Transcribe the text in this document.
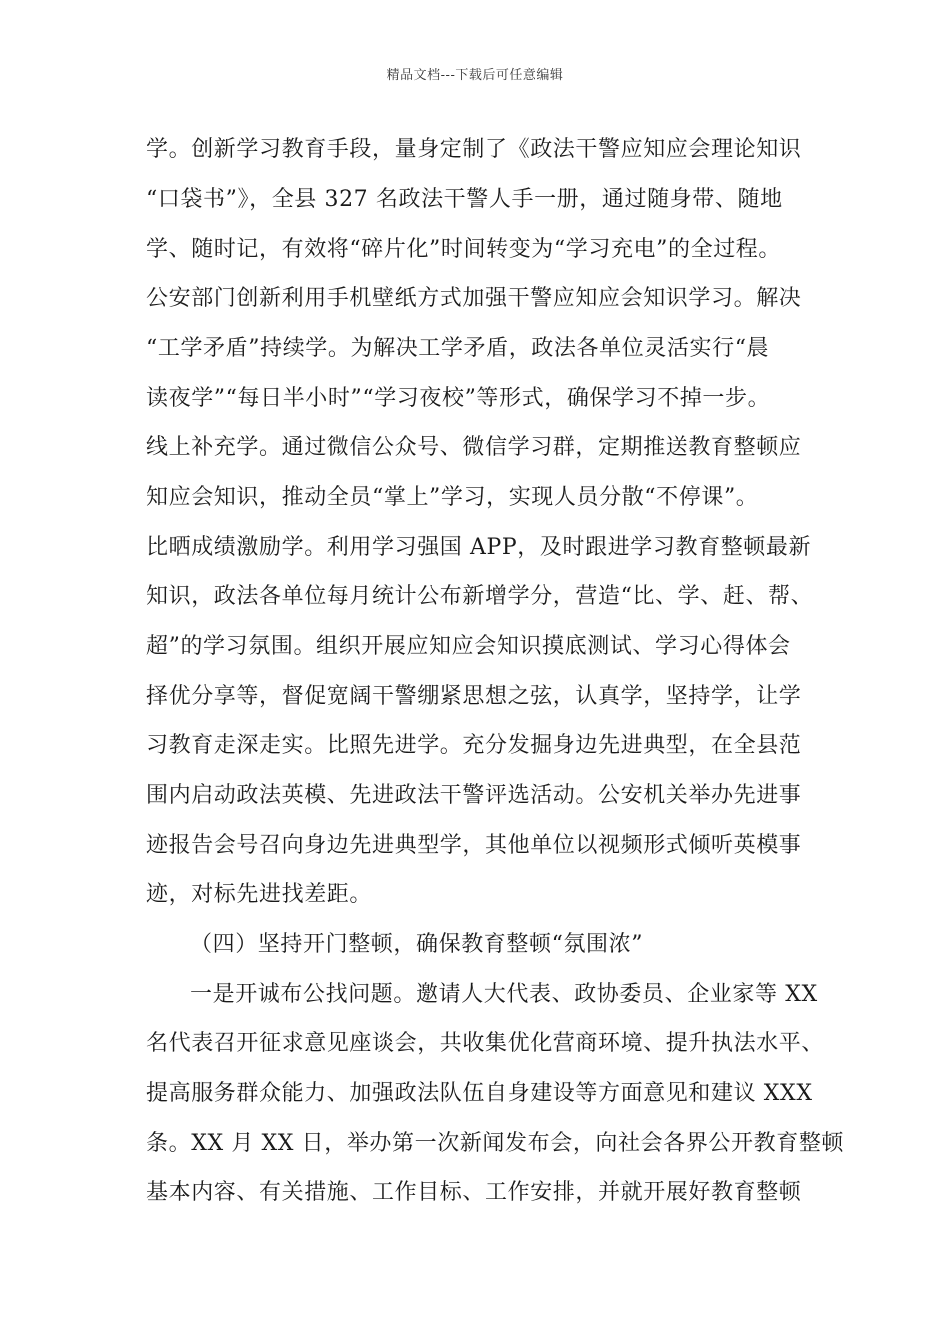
精品文档---下载后可任意编辑
学。创新学习教育手段，量身定制了《政法干警应知应会理论知识
“口袋书”》，全县 327 名政法干警人手一册，通过随身带、随地
学、随时记，有效将“碎片化”时间转变为“学习充电”的全过程。
公安部门创新利用手机壁纸方式加强干警应知应会知识学习。解决
“工学矛盾”持续学。为解决工学矛盾，政法各单位灵活实行“晨
读夜学”“每日半小时”“学习夜校”等形式，确保学习不掉一步。
线上补充学。通过微信公众号、微信学习群，定期推送教育整顿应
知应会知识，推动全员“掌上”学习，实现人员分散“不停课”。
比晒成绩激励学。利用学习强国 APP，及时跟进学习教育整顿最新
知识，政法各单位每月统计公布新增学分，营造“比、学、赶、帮、
超”的学习氛围。组织开展应知应会知识摸底测试、学习心得体会
择优分享等，督促宽阔干警绷紧思想之弦，认真学，坚持学，让学
习教育走深走实。比照先进学。充分发掘身边先进典型，在全县范
围内启动政法英模、先进政法干警评选活动。公安机关举办先进事
迹报告会号召向身边先进典型学，其他单位以视频形式倾听英模事
迹，对标先进找差距。
（四）坚持开门整顿，确保教育整顿“氛围浓”
一是开诚布公找问题。邀请人大代表、政协委员、企业家等 XX
名代表召开征求意见座谈会，共收集优化营商环境、提升执法水平、
提高服务群众能力、加强政法队伍自身建设等方面意见和建议 XXX
条。XX 月 XX 日，举办第一次新闻发布会，向社会各界公开教育整顿
基本内容、有关措施、工作目标、工作安排，并就开展好教育整顿
